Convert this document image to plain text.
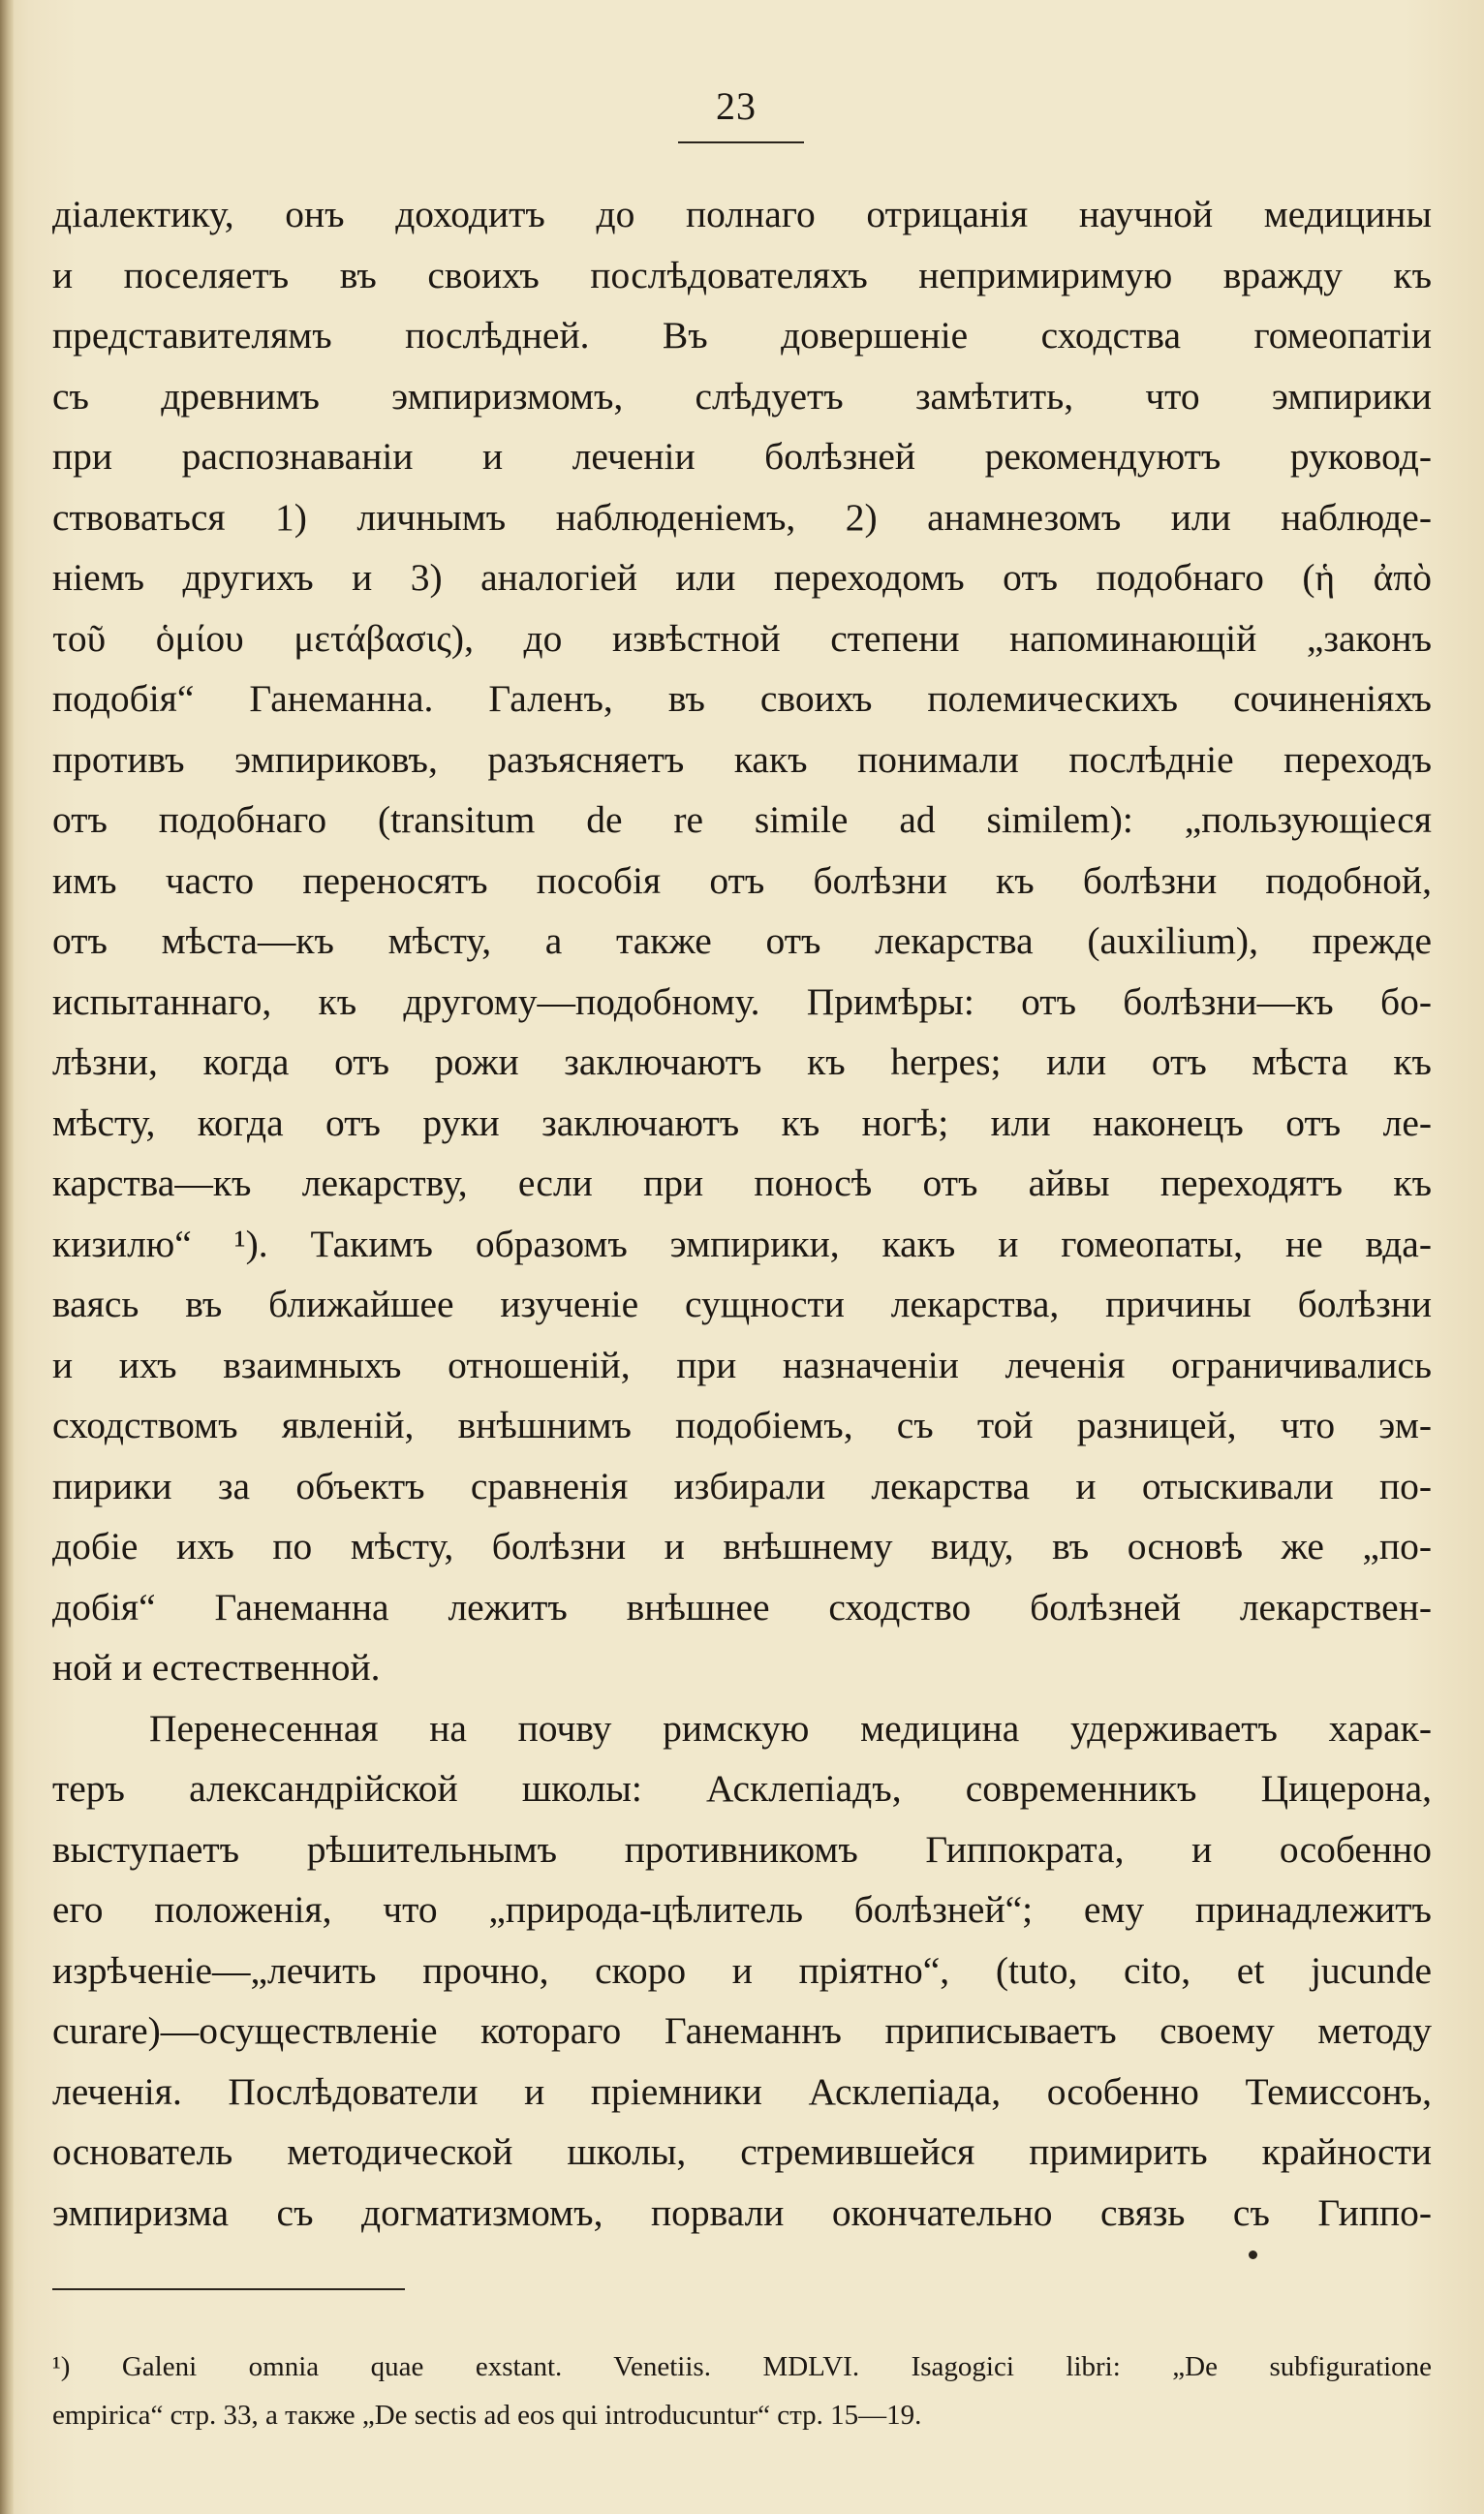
23
діалектику, онъ доходитъ до полнаго отрицанія научной медицины
и поселяетъ въ своихъ послѣдователяхъ непримиримую вражду къ
представителямъ послѣдней. Въ довершеніе сходства гомеопатіи
съ древнимъ эмпиризмомъ, слѣдуетъ замѣтить, что эмпирики
при распознаваніи и леченіи болѣзней рекомендуютъ руковод-
ствоваться 1) личнымъ наблюденіемъ, 2) анамнезомъ или наблюде-
ніемъ другихъ и 3) аналогіей или переходомъ отъ подобнаго (ἡ ἀπὸ
τοῦ ὁμίου μετάβασις), до извѣстной степени напоминающій „законъ
подобія“ Ганеманна. Галенъ, въ своихъ полемическихъ сочиненіяхъ
противъ эмпириковъ, разъясняетъ какъ понимали послѣдніе переходъ
отъ подобнаго (transitum de re simile ad similem): „пользующіеся
имъ часто переносятъ пособія отъ болѣзни къ болѣзни подобной,
отъ мѣста—къ мѣсту, а также отъ лекарства (auxilium), прежде
испытаннаго, къ другому—подобному. Примѣры: отъ болѣзни—къ бо-
лѣзни, когда отъ рожи заключаютъ къ herpes; или отъ мѣста къ
мѣсту, когда отъ руки заключаютъ къ ногѣ; или наконецъ отъ ле-
карства—къ лекарству, если при поносѣ отъ айвы переходятъ къ
кизилю“ ¹). Такимъ образомъ эмпирики, какъ и гомеопаты, не вда-
ваясь въ ближайшее изученіе сущности лекарства, причины болѣзни
и ихъ взаимныхъ отношеній, при назначеніи леченія ограничивались
сходствомъ явленій, внѣшнимъ подобіемъ, съ той разницей, что эм-
пирики за объектъ сравненія избирали лекарства и отыскивали по-
добіе ихъ по мѣсту, болѣзни и внѣшнему виду, въ основѣ же „по-
добія“ Ганеманна лежитъ внѣшнее сходство болѣзней лекарствен-
ной и естественной.
Перенесенная на почву римскую медицина удерживаетъ харак-
теръ александрійской школы: Асклепіадъ, современникъ Цицерона,
выступаетъ рѣшительнымъ противникомъ Гиппократа, и особенно
его положенія, что „природа-цѣлитель болѣзней“; ему принадлежитъ
изрѣченіе—„лечить прочно, скоро и пріятно“, (tuto, cito, et jucunde
curare)—осуществленіе котораго Ганеманнъ приписываетъ своему методу
леченія. Послѣдователи и пріемники Асклепіада, особенно Темиссонъ,
основатель методической школы, стремившейся примирить крайности
эмпиризма съ догматизмомъ, порвали окончательно связь съ Гиппо-
¹) Galeni omnia quae exstant. Venetiis. MDLVI. Isagogici libri: „De subfiguratione
empirica“ стр. 33, а также „De sectis ad eos qui introducuntur“ стр. 15—19.
